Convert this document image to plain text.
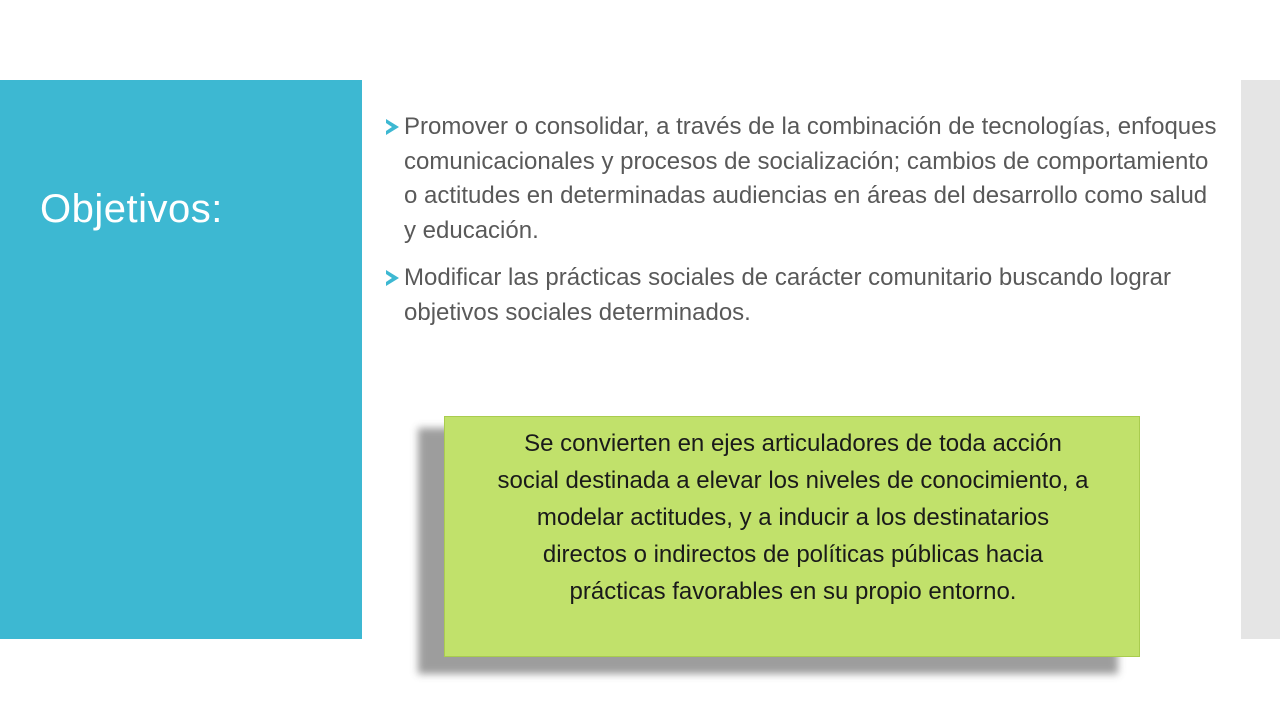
Objetivos:
Promover o consolidar, a través de la combinación de tecnologías, enfoques comunicacionales y procesos de socialización; cambios de comportamiento o actitudes en determinadas audiencias en áreas del desarrollo como salud y educación.
Modificar las prácticas sociales de carácter comunitario buscando lograr objetivos sociales determinados.
Se convierten en ejes articuladores de toda acción social destinada a elevar los niveles de conocimiento, a modelar actitudes, y a inducir a los destinatarios directos o indirectos de políticas públicas hacia prácticas favorables en su propio entorno.
